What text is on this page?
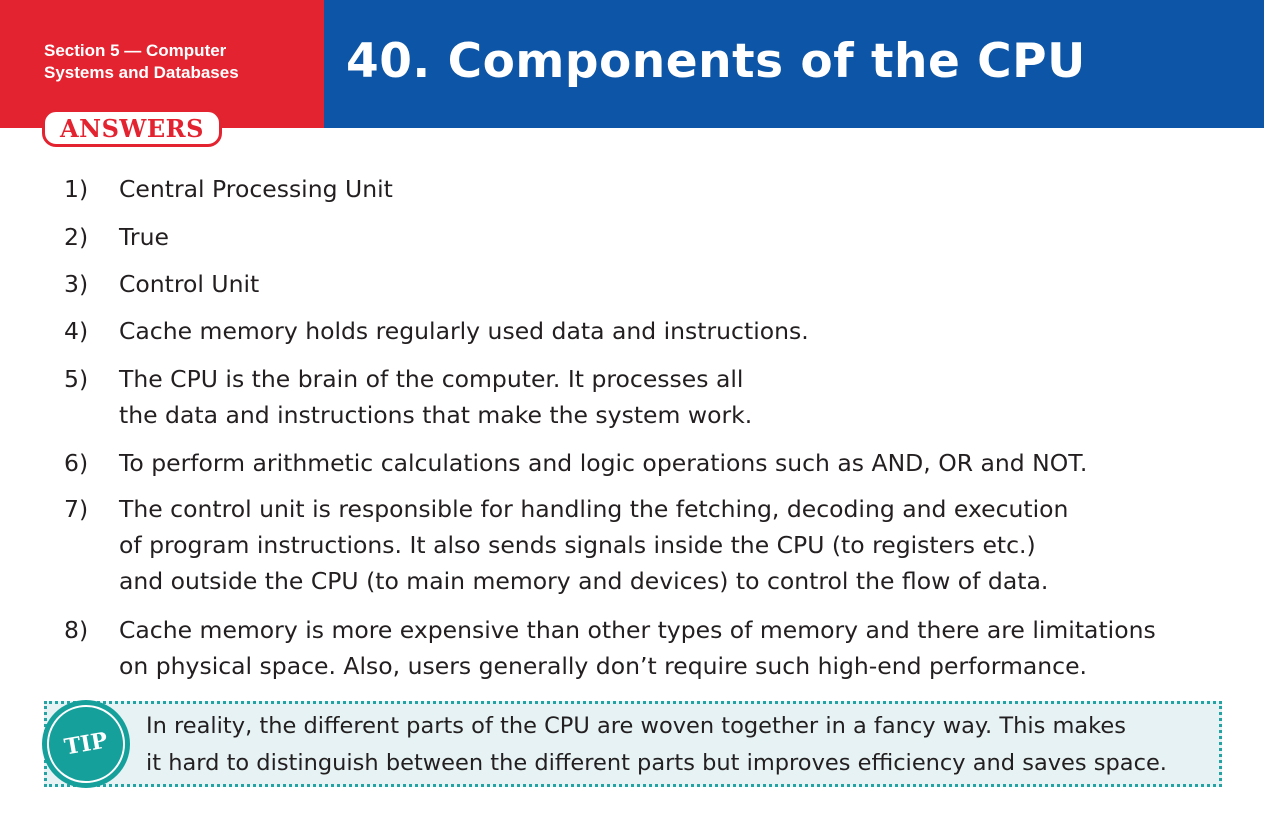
Section 5 — Computer
Systems and Databases	40. Components of the CPU
ANSWERS
1) Central Processing Unit
2) True
3) Control Unit
4) Cache memory holds regularly used data and instructions.
5) The CPU is the brain of the computer. It processes all
the data and instructions that make the system work.
6) To perform arithmetic calculations and logic operations such as AND, OR and NOT.
7) The control unit is responsible for handling the fetching, decoding and execution
of program instructions. It also sends signals inside the CPU (to registers etc.)
and outside the CPU (to main memory and devices) to control the flow of data.
8) Cache memory is more expensive than other types of memory and there are limitations
on physical space. Also, users generally don’t require such high-end performance.
TIP
In reality, the different parts of the CPU are woven together in a fancy way. This makes
it hard to distinguish between the different parts but improves efficiency and saves space.
